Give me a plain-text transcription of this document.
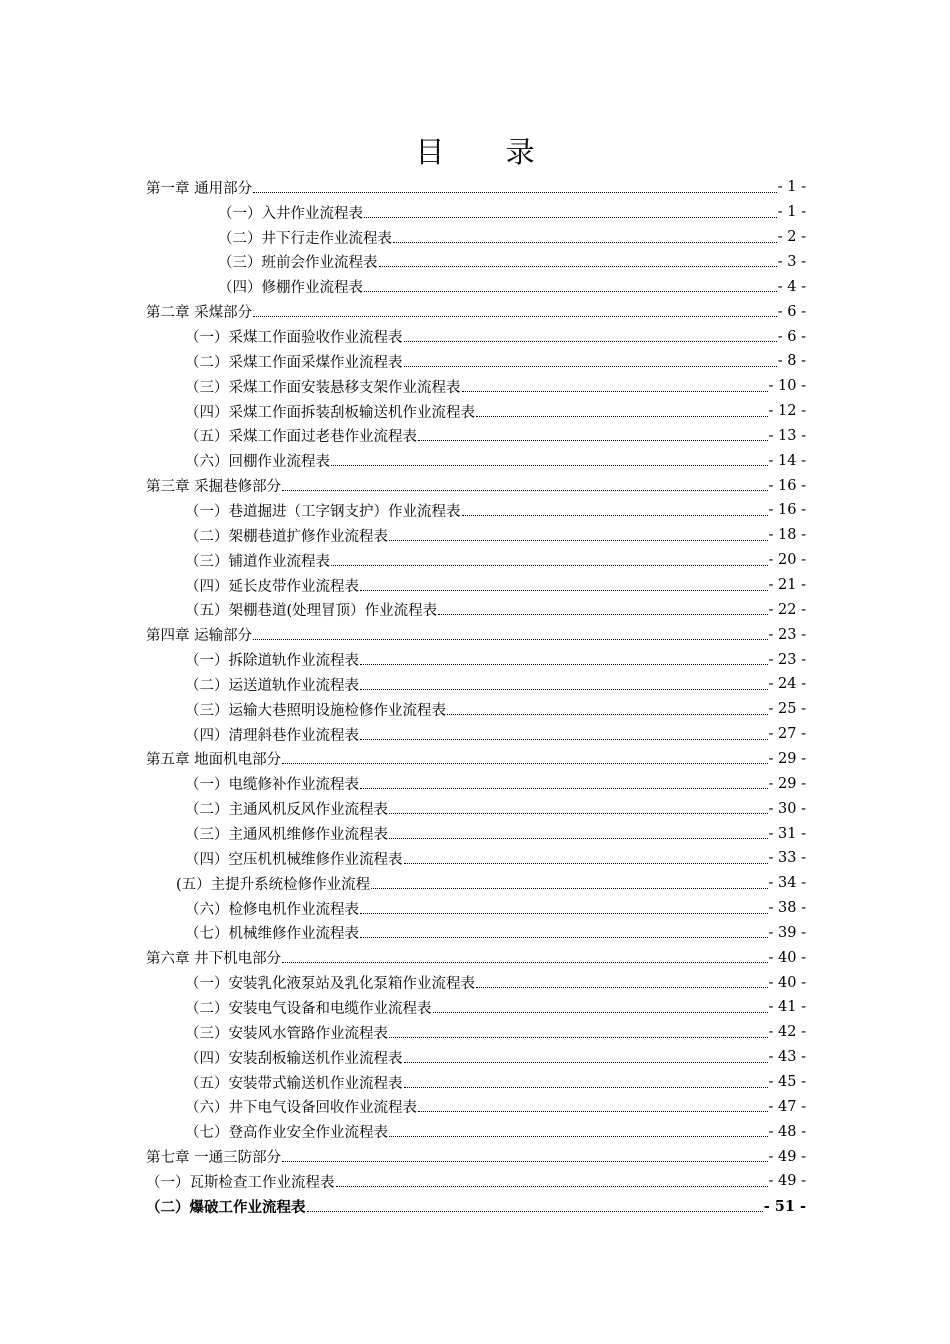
目 录
第一章 通用部分	- 1 -
（一）入井作业流程表	- 1 -
（二）井下行走作业流程表	- 2 -
（三）班前会作业流程表	- 3 -
（四）修棚作业流程表	- 4 -
第二章 采煤部分	- 6 -
（一）采煤工作面验收作业流程表	- 6 -
（二）采煤工作面采煤作业流程表	- 8 -
（三）采煤工作面安装悬移支架作业流程表	- 10 -
（四）采煤工作面拆装刮板输送机作业流程表	- 12 -
（五）采煤工作面过老巷作业流程表	- 13 -
（六）回棚作业流程表	- 14 -
第三章 采掘巷修部分	- 16 -
（一）巷道掘进（工字钢支护）作业流程表	- 16 -
（二）架棚巷道扩修作业流程表	- 18 -
（三）铺道作业流程表	- 20 -
（四）延长皮带作业流程表	- 21 -
（五）架棚巷道(处理冒顶）作业流程表	- 22 -
第四章 运输部分	- 23 -
（一）拆除道轨作业流程表	- 23 -
（二）运送道轨作业流程表	- 24 -
（三）运输大巷照明设施检修作业流程表	- 25 -
（四）清理斜巷作业流程表	- 27 -
第五章 地面机电部分	- 29 -
（一）电缆修补作业流程表	- 29 -
（二）主通风机反风作业流程表	- 30 -
（三）主通风机维修作业流程表	- 31 -
（四）空压机机械维修作业流程表	- 33 -
(五）主提升系统检修作业流程	- 34 -
（六）检修电机作业流程表	- 38 -
（七）机械维修作业流程表	- 39 -
第六章 井下机电部分	- 40 -
（一）安装乳化液泵站及乳化泵箱作业流程表	- 40 -
（二）安装电气设备和电缆作业流程表	- 41 -
（三）安装风水管路作业流程表	- 42 -
（四）安装刮板输送机作业流程表	- 43 -
（五）安装带式输送机作业流程表	- 45 -
（六）井下电气设备回收作业流程表	- 47 -
（七）登高作业安全作业流程表	- 48 -
第七章 一通三防部分	- 49 -
（一）瓦斯检查工作业流程表	- 49 -
（二）爆破工作业流程表	- 51 -
